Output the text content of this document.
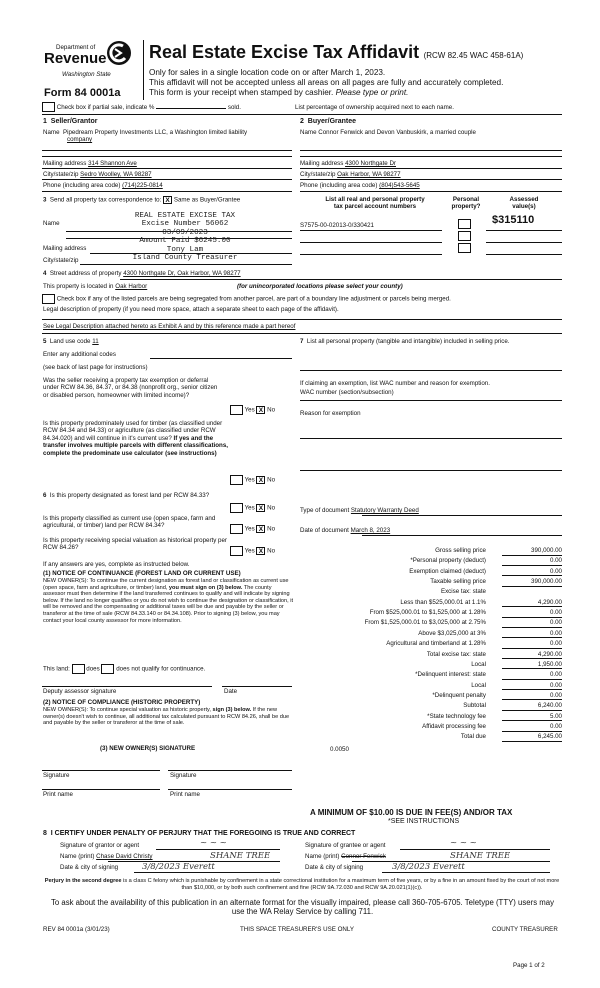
Department of
Revenue
Washington State
Form 84 0001a
Real Estate Excise Tax Affidavit (RCW 82.45 WAC 458-61A)
Only for sales in a single location code on or after March 1, 2023.
This affidavit will not be accepted unless all areas on all pages are fully and accurately completed.
This form is your receipt when stamped by cashier. Please type or print.
Check box if partial sale, indicate %	sold.	List percentage of ownership acquired next to each name.
1 Seller/Grantor
Name Pipedream Property Investments LLC, a Washington limited liability
company
Mailing address 314 Shannon Ave
City/state/zip Sedro Woolley, WA 98287
Phone (including area code) (714)225-0814
2 Buyer/Grantee
Name Connor Fenwick and Devon Vanbuskirk, a married couple
Mailing address 4300 Northgate Dr
City/state/zip Oak Harbor, WA 98277
Phone (including area code) (804)543-5645
3 Send all property tax correspondence to: X Same as Buyer/Grantee
Name
Mailing address
City/state/zip
REAL ESTATE EXCISE TAX
Excise Number 56062
03/09/2023
Amount Paid $6245.00
Tony Lam
Island County Treasurer
List all real and personal property
tax parcel account numbers
Personal
property?
Assessed
value(s)
S7575-00-02013-0/330421	$315110
4 Street address of property 4300 Northgate Dr, Oak Harbor, WA 98277
This property is located in Oak Harbor	(for unincorporated locations please select your county)
Check box if any of the listed parcels are being segregated from another parcel, are part of a boundary line adjustment or parcels being merged.
Legal description of property (if you need more space, attach a separate sheet to each page of the affidavit).
See Legal Description attached hereto as Exhibit A and by this reference made a part hereof
5 Land use code 11
Enter any additional codes
(see back of last page for instructions)
Was the seller receiving a property tax exemption or deferral under RCW 84.36, 84.37, or 84.38 (nonprofit org., senior citizen or disabled person, homeowner with limited income)?
Yes X No
Is this property predominately used for timber (as classified under RCW 84.34 and 84.33) or agriculture (as classified under RCW 84.34.020) and will continue in it's current use? If yes and the transfer involves multiple parcels with different classifications, complete the predominate use calculator (see instructions)
Yes X No
6 Is this property designated as forest land per RCW 84.33?
Yes X No
Is this property classified as current use (open space, farm and agricultural, or timber) land per RCW 84.34?	Yes X No
Is this property receiving special valuation as historical property per RCW 84.26?	Yes X No
If any answers are yes, complete as instructed below.
(1) NOTICE OF CONTINUANCE (FOREST LAND OR CURRENT USE)
NEW OWNER(S): To continue the current designation as forest land or classification as current use (open space, farm and agriculture, or timber) land, you must sign on (3) below. The county assessor must then determine if the land transferred continues to qualify and will indicate by signing below. If the land no longer qualifies or you do not wish to continue the designation or classification, it will be removed and the compensating or additional taxes will be due and payable by the seller or transferor at the time of sale (RCW 84.33.140 or 84.34.108). Prior to signing (3) below, you may contact your local county assessor for more information.
This land:	does	does not qualify for continuance.
Deputy assessor signature	Date
(2) NOTICE OF COMPLIANCE (HISTORIC PROPERTY)
NEW OWNER(S): To continue special valuation as historic property, sign (3) below. If the new owner(s) doesn't wish to continue, all additional tax calculated pursuant to RCW 84.26, shall be due and payable by the seller or transferor at the time of sale.
(3) NEW OWNER(S) SIGNATURE
Signature	Signature
Print name	Print name
7 List all personal property (tangible and intangible) included in selling price.
If claiming an exemption, list WAC number and reason for exemption.
WAC number (section/subsection)
Reason for exemption
Type of document Statutory Warranty Deed
Date of document March 8, 2023
Gross selling price	390,000.00
*Personal property (deduct)	0.00
Exemption claimed (deduct)	0.00
Taxable selling price	390,000.00
Excise tax: state
Less than $525,000.01 at 1.1%	4,290.00
From $525,000.01 to $1,525,000 at 1.28%	0.00
From $1,525,000.01 to $3,025,000 at 2.75%	0.00
Above $3,025,000 at 3%	0.00
Agricultural and timberland at 1.28%	0.00
Total excise tax: state	4,290.00
Local	1,950.00
*Delinquent interest: state	0.00
Local	0.00
*Delinquent penalty	0.00
Subtotal	6,240.00
*State technology fee	5.00
Affidavit processing fee	0.00
Total due	6,245.00
0.0050
A MINIMUM OF $10.00 IS DUE IN FEE(S) AND/OR TAX
*SEE INSTRUCTIONS
8 I CERTIFY UNDER PENALTY OF PERJURY THAT THE FOREGOING IS TRUE AND CORRECT
Signature of grantor or agent	~ ~ ~
Name (print) Chase David Christy	SHANE TREE
Date & city of signing	3/8/2023 Everett
Signature of grantee or agent	~ ~ ~
Name (print) Connor Fenwick	SHANE TREE
Date & city of signing	3/8/2023 Everett
Perjury in the second degree is a class C felony which is punishable by confinement in a state correctional institution for a maximum term of five years, or by a fine in an amount fixed by the court of not more than $10,000, or by both such confinement and fine (RCW 9A.72.030 and RCW 9A.20.021(1)(c)).
To ask about the availability of this publication in an alternate format for the visually impaired, please call 360-705-6705. Teletype (TTY) users may use the WA Relay Service by calling 711.
REV 84 0001a (3/01/23)	THIS SPACE TREASURER'S USE ONLY	COUNTY TREASURER
Page 1 of 2
